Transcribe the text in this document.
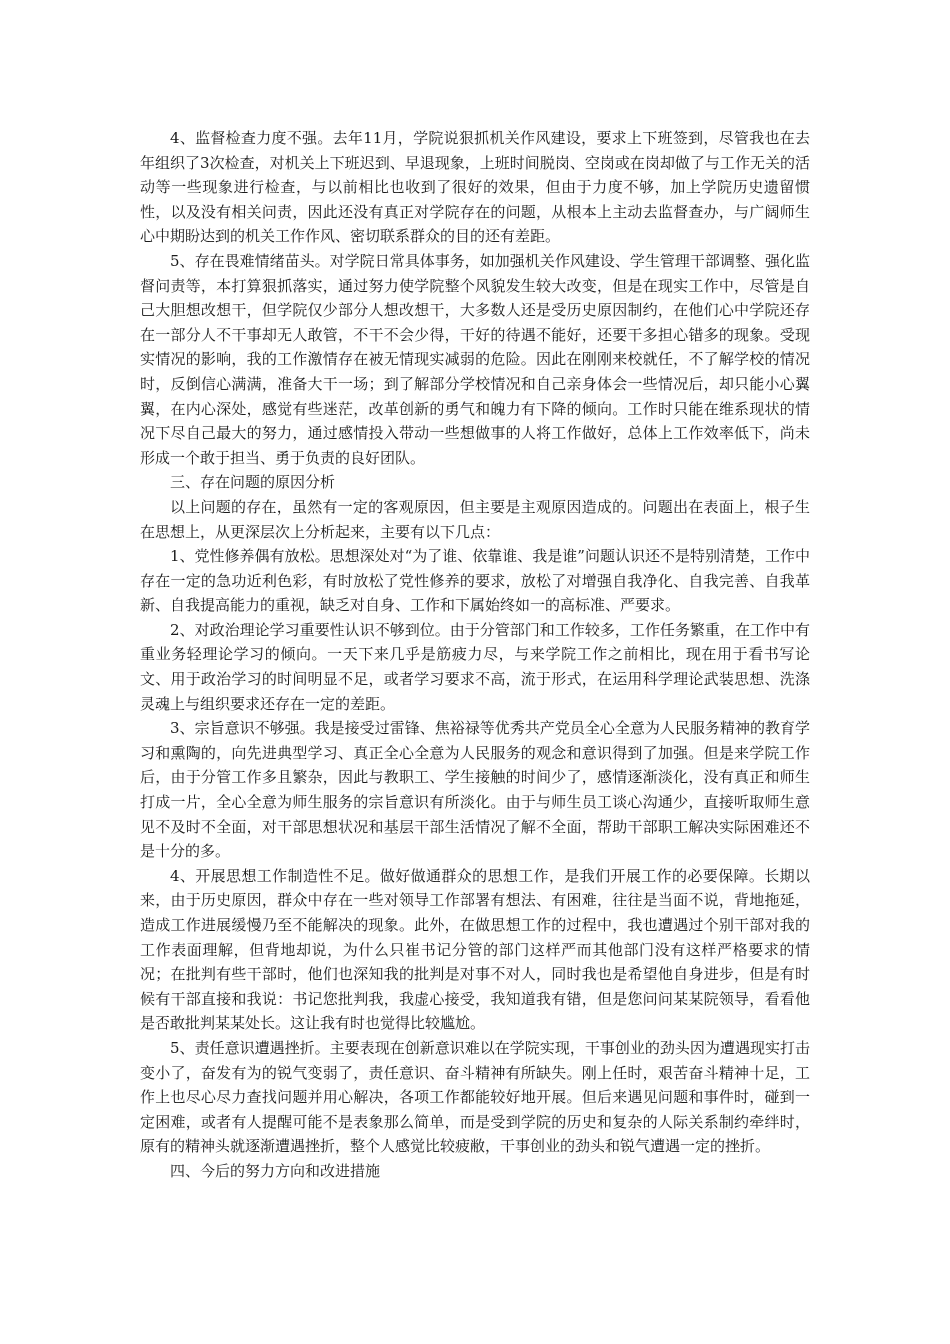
4、监督检查力度不强。去年11月，学院说狠抓机关作风建设，要求上下班签到，尽管我也在去年组织了3次检查，对机关上下班迟到、早退现象，上班时间脱岗、空岗或在岗却做了与工作无关的活动等一些现象进行检查，与以前相比也收到了很好的效果，但由于力度不够，加上学院历史遗留惯性，以及没有相关问责，因此还没有真正对学院存在的问题，从根本上主动去监督查办，与广阔师生心中期盼达到的机关工作作风、密切联系群众的目的还有差距。

5、存在畏难情绪苗头。对学院日常具体事务，如加强机关作风建设、学生管理干部调整、强化监督问责等，本打算狠抓落实，通过努力使学院整个风貌发生较大改变，但是在现实工作中，尽管是自己大胆想改想干，但学院仅少部分人想改想干，大多数人还是受历史原因制约，在他们心中学院还存在一部分人不干事却无人敢管，不干不会少得，干好的待遇不能好，还要干多担心错多的现象。受现实情况的影响，我的工作激情存在被无情现实减弱的危险。因此在刚刚来校就任，不了解学校的情况时，反倒信心满满，准备大干一场；到了解部分学校情况和自己亲身体会一些情况后，却只能小心翼翼，在内心深处，感觉有些迷茫，改革创新的勇气和魄力有下降的倾向。工作时只能在维系现状的情况下尽自己最大的努力，通过感情投入带动一些想做事的人将工作做好，总体上工作效率低下，尚未形成一个敢于担当、勇于负责的良好团队。

三、存在问题的原因分析

以上问题的存在，虽然有一定的客观原因，但主要是主观原因造成的。问题出在表面上，根子生在思想上，从更深层次上分析起来，主要有以下几点：

1、党性修养偶有放松。思想深处对“为了谁、依靠谁、我是谁”问题认识还不是特别清楚，工作中存在一定的急功近利色彩，有时放松了党性修养的要求，放松了对增强自我净化、自我完善、自我革新、自我提高能力的重视，缺乏对自身、工作和下属始终如一的高标准、严要求。

2、对政治理论学习重要性认识不够到位。由于分管部门和工作较多，工作任务繁重，在工作中有重业务轻理论学习的倾向。一天下来几乎是筋疲力尽，与来学院工作之前相比，现在用于看书写论文、用于政治学习的时间明显不足，或者学习要求不高，流于形式，在运用科学理论武装思想、洗涤灵魂上与组织要求还存在一定的差距。

3、宗旨意识不够强。我是接受过雷锋、焦裕禄等优秀共产党员全心全意为人民服务精神的教育学习和熏陶的，向先进典型学习、真正全心全意为人民服务的观念和意识得到了加强。但是来学院工作后，由于分管工作多且繁杂，因此与教职工、学生接触的时间少了，感情逐渐淡化，没有真正和师生打成一片，全心全意为师生服务的宗旨意识有所淡化。由于与师生员工谈心沟通少，直接听取师生意见不及时不全面，对干部思想状况和基层干部生活情况了解不全面，帮助干部职工解决实际困难还不是十分的多。

4、开展思想工作制造性不足。做好做通群众的思想工作，是我们开展工作的必要保障。长期以来，由于历史原因，群众中存在一些对领导工作部署有想法、有困难，往往是当面不说，背地拖延，造成工作进展缓慢乃至不能解决的现象。此外，在做思想工作的过程中，我也遭遇过个别干部对我的工作表面理解，但背地却说，为什么只崔书记分管的部门这样严而其他部门没有这样严格要求的情况；在批判有些干部时，他们也深知我的批判是对事不对人，同时我也是希望他自身进步，但是有时候有干部直接和我说：书记您批判我，我虚心接受，我知道我有错，但是您问问某某院领导，看看他是否敢批判某某处长。这让我有时也觉得比较尴尬。

5、责任意识遭遇挫折。主要表现在创新意识难以在学院实现，干事创业的劲头因为遭遇现实打击变小了，奋发有为的锐气变弱了，责任意识、奋斗精神有所缺失。刚上任时，艰苦奋斗精神十足，工作上也尽心尽力查找问题并用心解决，各项工作都能较好地开展。但后来遇见问题和事件时，碰到一定困难，或者有人提醒可能不是表象那么简单，而是受到学院的历史和复杂的人际关系制约牵绊时，原有的精神头就逐渐遭遇挫折，整个人感觉比较疲敝，干事创业的劲头和锐气遭遇一定的挫折。

四、今后的努力方向和改进措施
